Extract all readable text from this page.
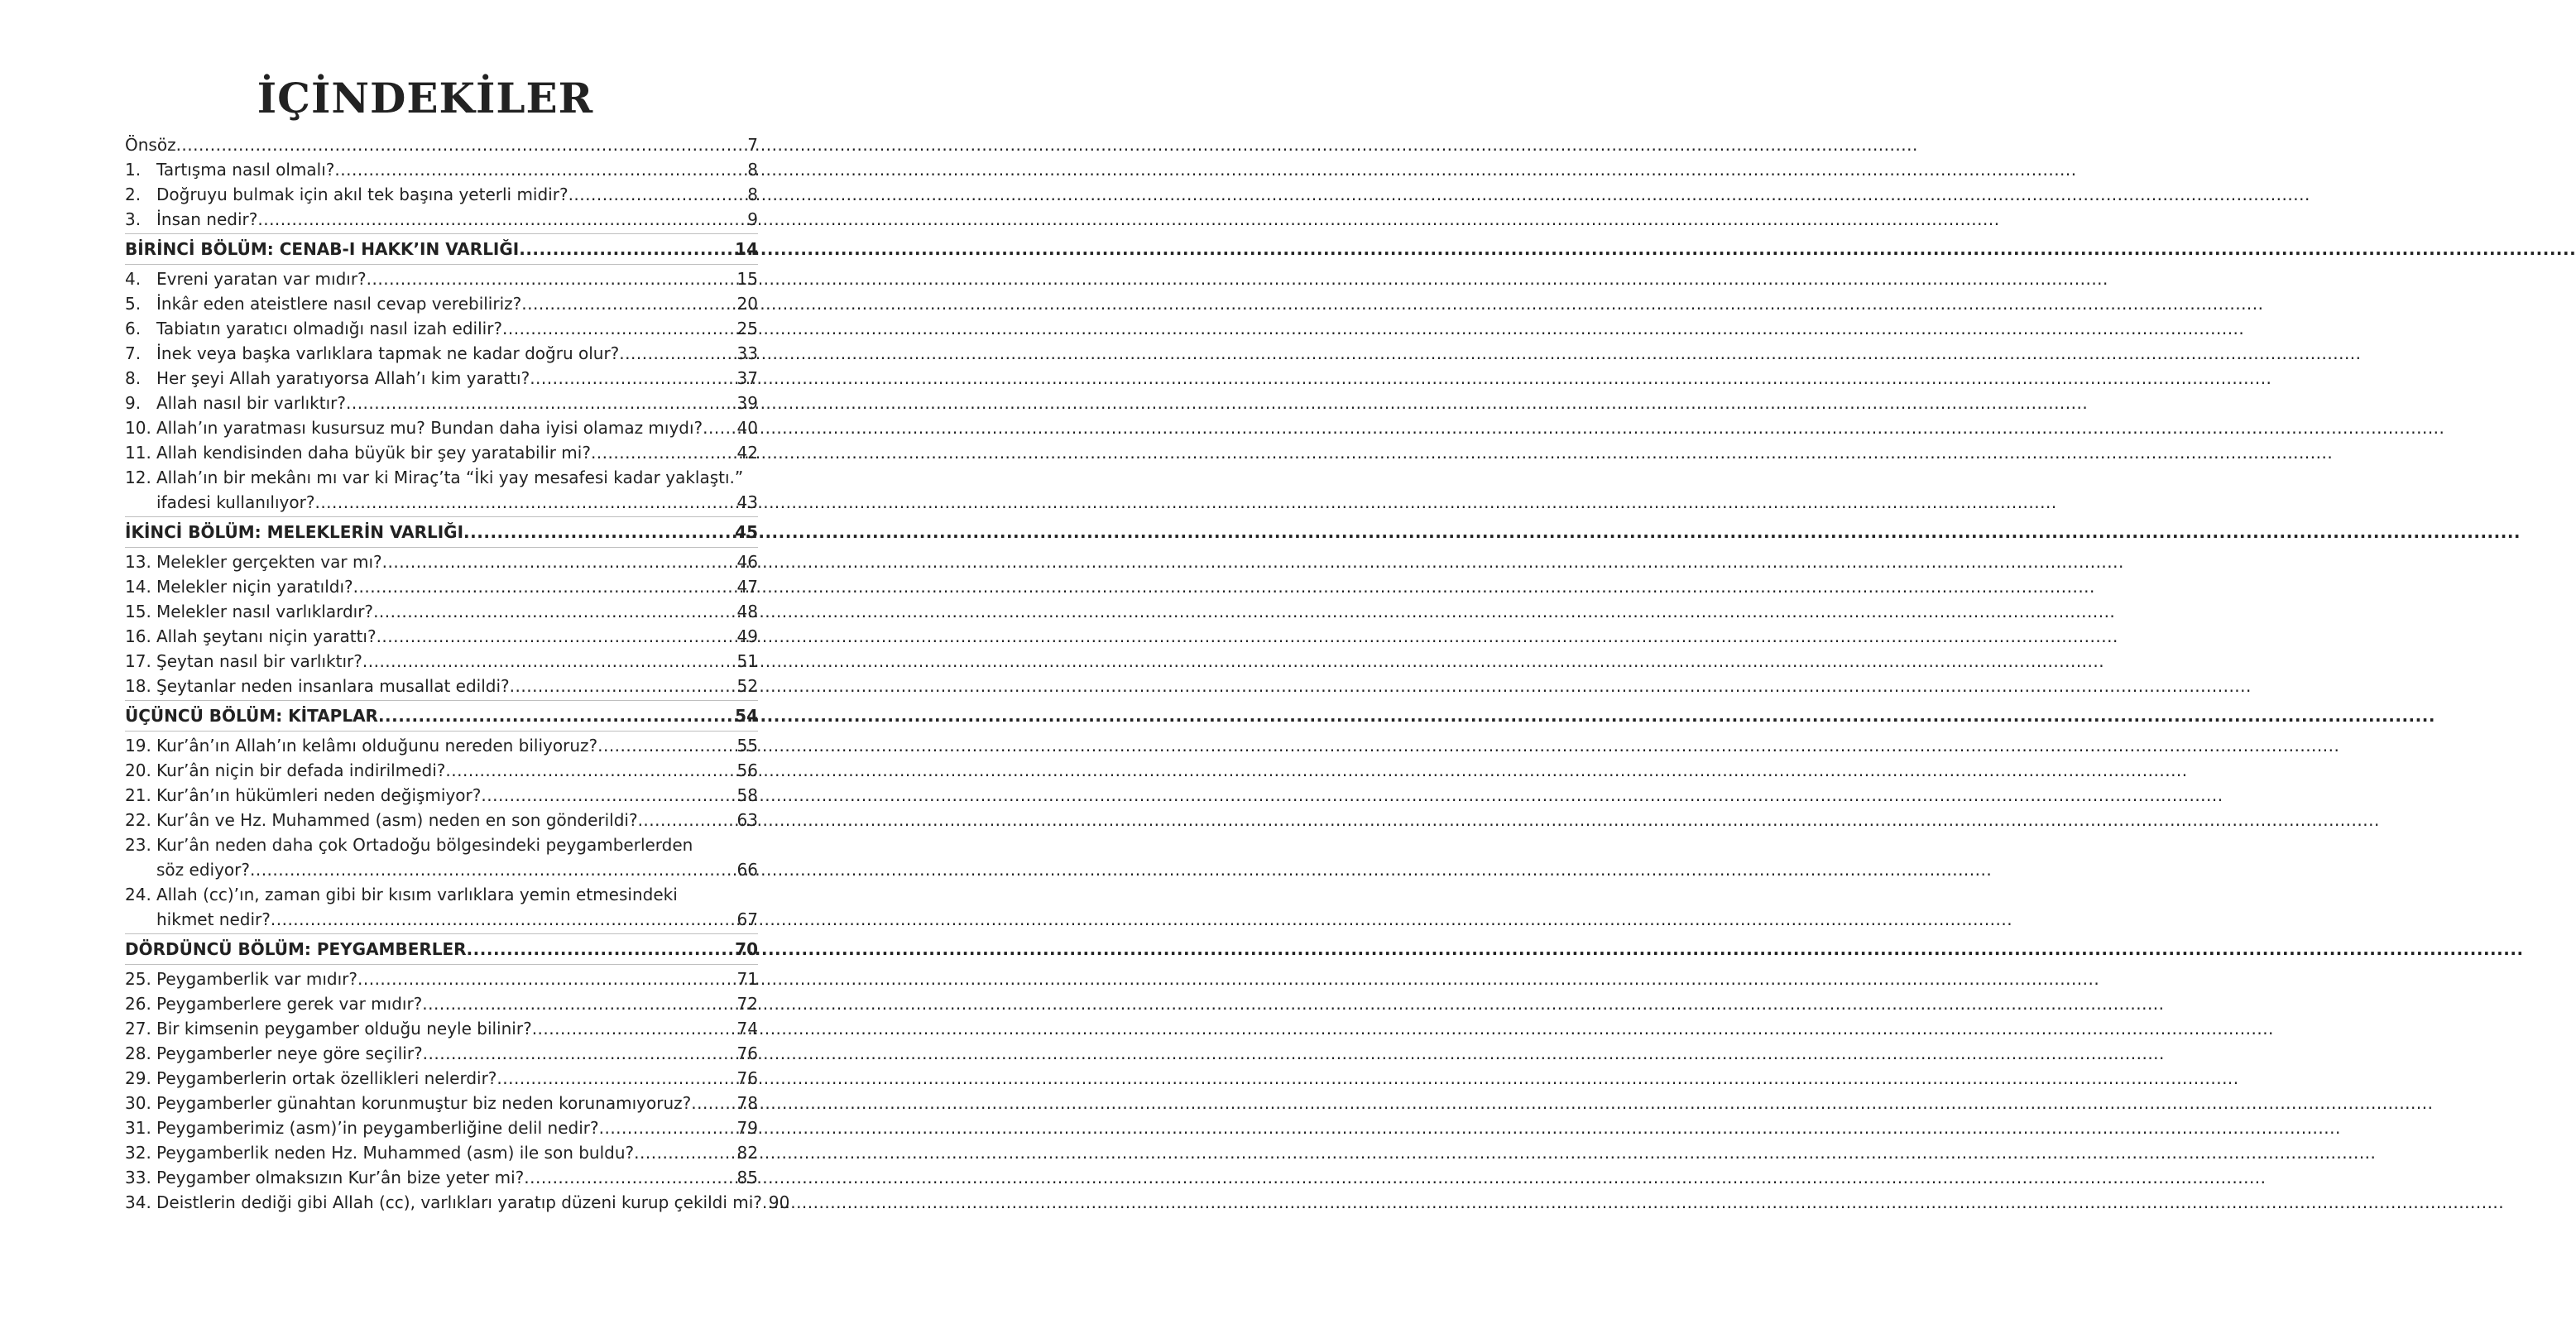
İÇİNDEKİLER
Önsöz .....	7
1. Tartışma nasıl olmalı? .....	8
2. Doğruyu bulmak için akıl tek başına yeterli midir? .....	8
3. İnsan nedir? .....	9
BİRİNCİ BÖLÜM: CENAB-I HAKK’IN VARLIĞI .....	14
4. Evreni yaratan var mıdır? .....	15
5. İnkâr eden ateistlere nasıl cevap verebiliriz? .....	20
6. Tabiatın yaratıcı olmadığı nasıl izah edilir? .....	25
7. İnek veya başka varlıklara tapmak ne kadar doğru olur? .....	33
8. Her şeyi Allah yaratıyorsa Allah’ı kim yarattı? .....	37
9. Allah nasıl bir varlıktır? .....	39
10. Allah’ın yaratması kusursuz mu? Bundan daha iyisi olamaz mıydı? ..... 40
11. Allah kendisinden daha büyük bir şey yaratabilir mi? .....	42
12. Allah’ın bir mekânı mı var ki Miraç’ta “İki yay mesafesi kadar yaklaştı.”
ifadesi kullanılıyor? .....	43
İKİNCİ BÖLÜM: MELEKLERİN VARLIĞI .....	45
13. Melekler gerçekten var mı? .....	46
14. Melekler niçin yaratıldı? .....	47
15. Melekler nasıl varlıklardır? .....	48
16. Allah şeytanı niçin yarattı? .....	49
17. Şeytan nasıl bir varlıktır? .....	51
18. Şeytanlar neden insanlara musallat edildi? .....	52
ÜÇÜNCÜ BÖLÜM: KİTAPLAR .....	54
19. Kur’ân’ın Allah’ın kelâmı olduğunu nereden biliyoruz? .....	55
20. Kur’ân niçin bir defada indirilmedi? .....	56
21. Kur’ân’ın hükümleri neden değişmiyor? .....	58
22. Kur’ân ve Hz. Muhammed (asm) neden en son gönderildi? .....	63
23. Kur’ân neden daha çok Ortadoğu bölgesindeki peygamberlerden
söz ediyor? .....	66
24. Allah (cc)’ın, zaman gibi bir kısım varlıklara yemin etmesindeki
hikmet nedir? .....	67
DÖRDÜNCÜ BÖLÜM: PEYGAMBERLER .....	70
25. Peygamberlik var mıdır? .....	71
26. Peygamberlere gerek var mıdır? .....	72
27. Bir kimsenin peygamber olduğu neyle bilinir? .....	74
28. Peygamberler neye göre seçilir? .....	76
29. Peygamberlerin ortak özellikleri nelerdir? .....	76
30. Peygamberler günahtan korunmuştur biz neden korunamıyoruz? .....	78
31. Peygamberimiz (asm)’in peygamberliğine delil nedir? .....	79
32. Peygamberlik neden Hz. Muhammed (asm) ile son buldu? .....	82
33. Peygamber olmaksızın Kur’ân bize yeter mi? .....	85
34. Deistlerin dediği gibi Allah (cc), varlıkları yaratıp düzeni kurup çekildi mi? ..... 90
